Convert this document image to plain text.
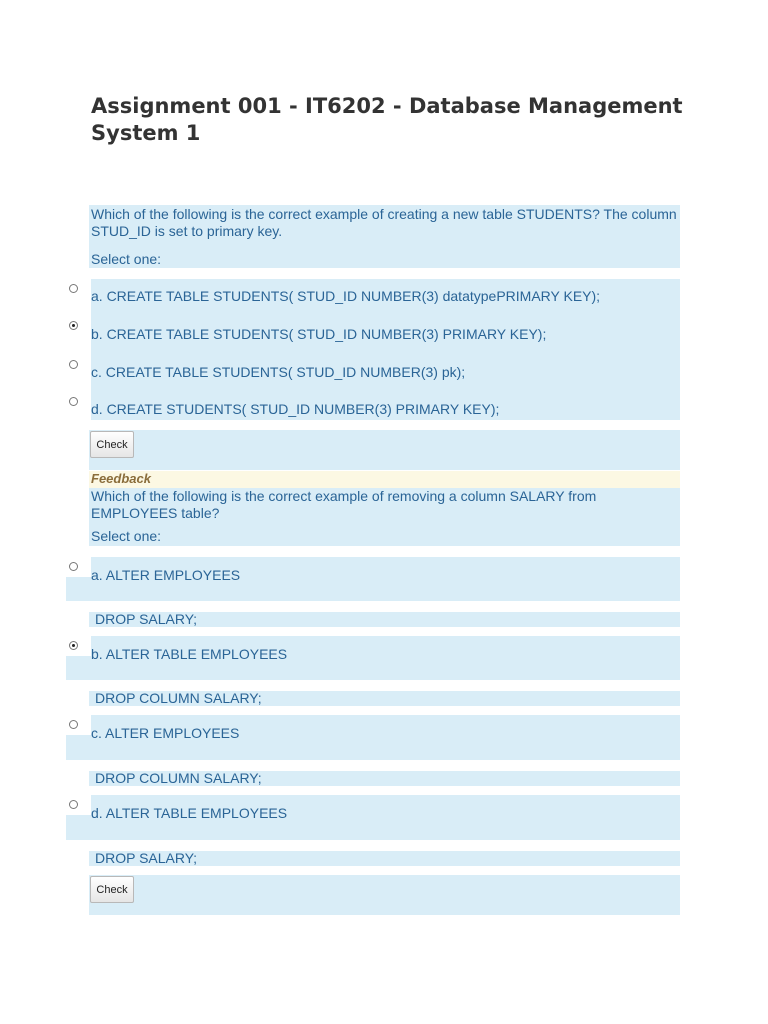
Assignment 001 - IT6202 - Database Management System 1
Which of the following is the correct example of creating a new table STUDENTS? The column STUD_ID is set to primary key.
Select one:
a. CREATE TABLE STUDENTS( STUD_ID NUMBER(3) datatypePRIMARY KEY);
b. CREATE TABLE STUDENTS( STUD_ID NUMBER(3) PRIMARY KEY);
c. CREATE TABLE STUDENTS( STUD_ID NUMBER(3) pk);
d. CREATE STUDENTS( STUD_ID NUMBER(3) PRIMARY KEY);
Check
Feedback
Which of the following is the correct example of removing a column SALARY from EMPLOYEES table?
Select one:
a. ALTER EMPLOYEES
DROP SALARY;
b. ALTER TABLE EMPLOYEES
DROP COLUMN SALARY;
c. ALTER EMPLOYEES
DROP COLUMN SALARY;
d. ALTER TABLE EMPLOYEES
DROP SALARY;
Check
